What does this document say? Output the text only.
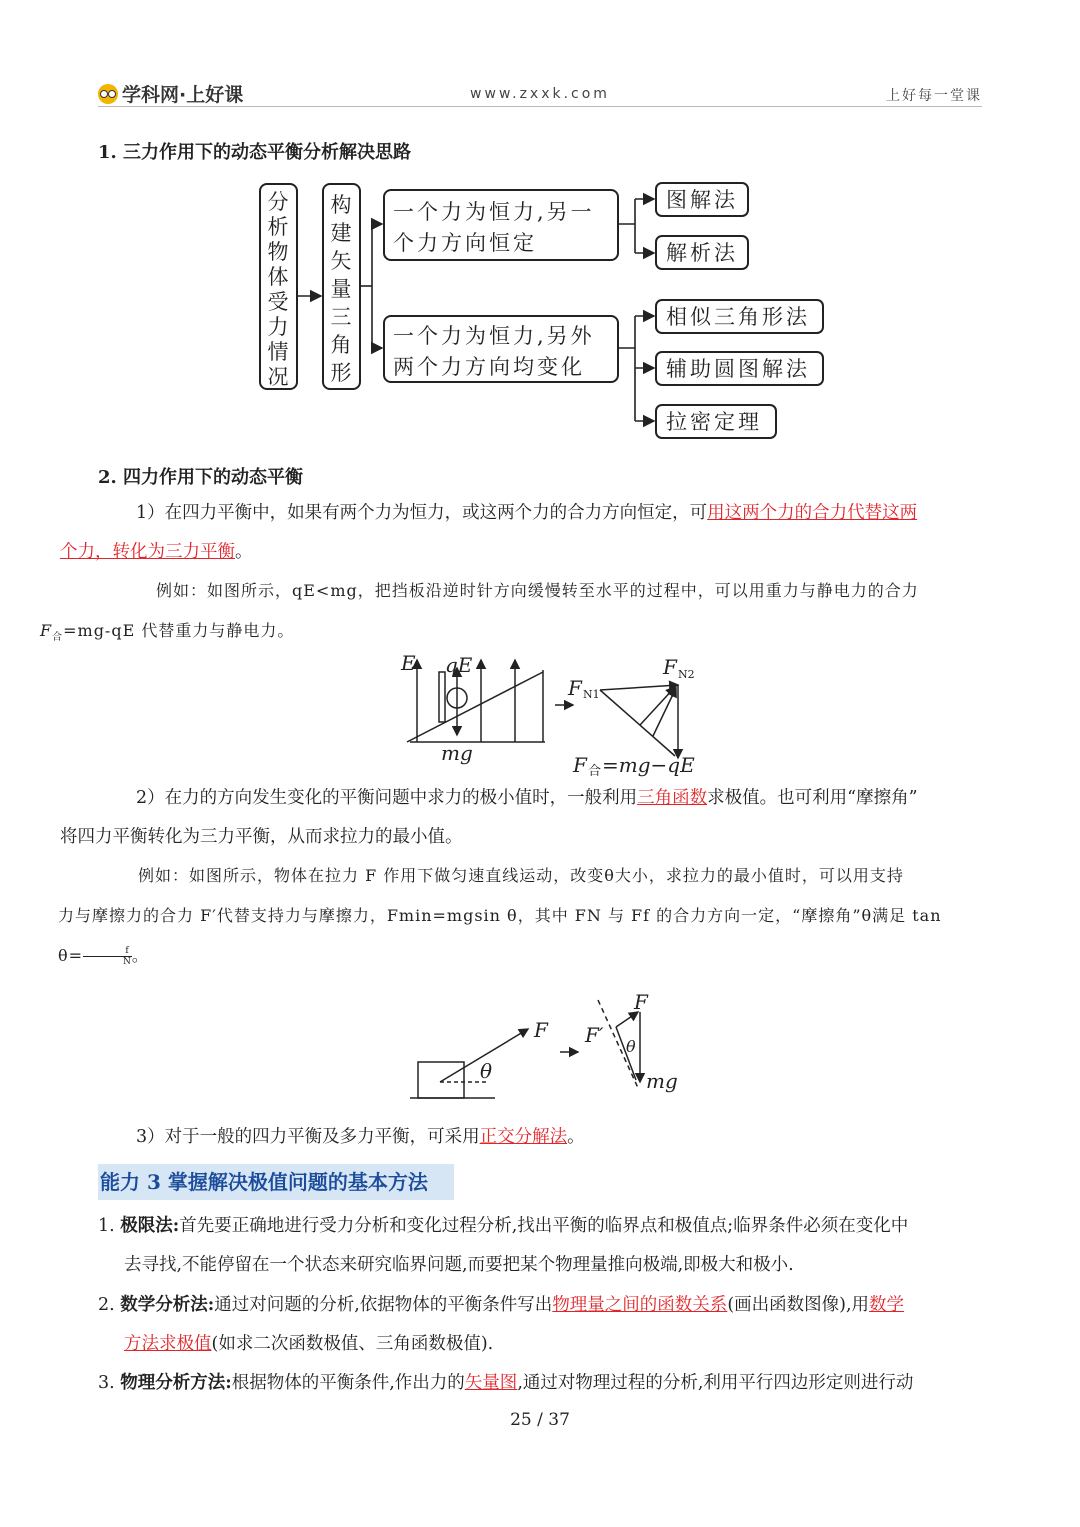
学科网·上好课	www.zxxk.com	上好每一堂课
1. 三力作用下的动态平衡分析解决思路
分
析
物
体
受
力
情
况
构
建
矢
量
三
角
形
一个力为恒力,另一
个力方向恒定
一个力为恒力,另外
两个力方向均变化
图解法
解析法
相似三角形法
辅助圆图解法
拉密定理
2. 四力作用下的动态平衡
1）在四力平衡中，如果有两个力为恒力，或这两个力的合力方向恒定，可用这两个力的合力代替这两
个力，转化为三力平衡。
例如：如图所示，qE<mg，把挡板沿逆时针方向缓慢转至水平的过程中，可以用重力与静电力的合力
$F_合=mg-qE$ 代替重力与静电力。
E qE
mg
F N1
F N2
F 合 =mg−qE
2）在力的方向发生变化的平衡问题中求力的极小值时，一般利用三角函数求极值。也可利用“摩擦角”
将四力平衡转化为三力平衡，从而求拉力的最小值。
例如：如图所示，物体在拉力 F 作用下做匀速直线运动，改变θ大小，求拉力的最小值时，可以用支持
力与摩擦力的合力 F′代替支持力与摩擦力，Fmin=mgsin θ，其中 FN 与 Ff 的合力方向一定，“摩擦角”θ满足 tan
$\theta= \frac{f}{N}$ 。
F
θ
F′
F
θ
mg
3）对于一般的四力平衡及多力平衡，可采用正交分解法。
能力 3 掌握解决极值问题的基本方法
1. 极限法:首先要正确地进行受力分析和变化过程分析,找出平衡的临界点和极值点;临界条件必须在变化中
去寻找,不能停留在一个状态来研究临界问题,而要把某个物理量推向极端,即极大和极小.
2. 数学分析法:通过对问题的分析,依据物体的平衡条件写出物理量之间的函数关系(画出函数图像),用数学
方法求极值(如求二次函数极值、三角函数极值).
3. 物理分析方法:根据物体的平衡条件,作出力的矢量图,通过对物理过程的分析,利用平行四边形定则进行动
25 / 37
